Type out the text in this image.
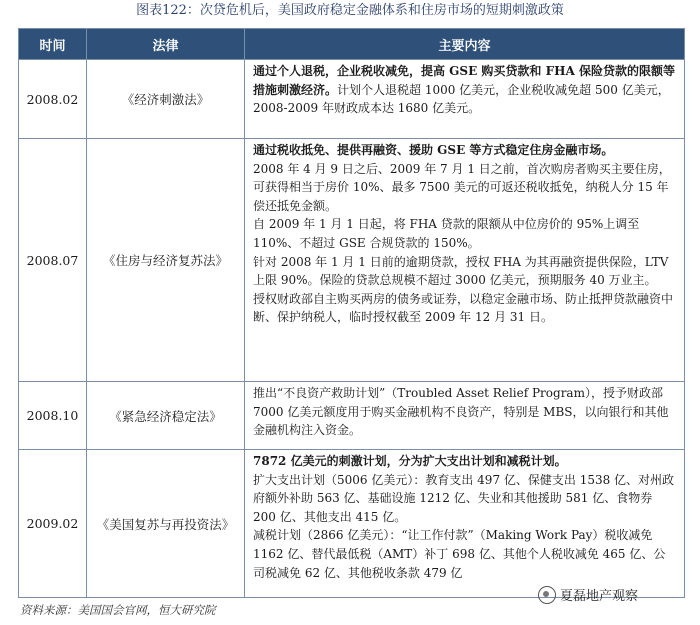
图表122：次贷危机后，美国政府稳定金融体系和住房市场的短期刺激政策
时间	法律	主要内容
2008.02	《经济刺激法》	通过个人退税，企业税收减免，提高 GSE 购买贷款和 FHA 保险贷款的限额等措施刺激经济。计划个人退税超 1000 亿美元，企业税收减免超 500 亿美元，2008-2009 年财政成本达 1680 亿美元。

2008.07	《住房与经济复苏法》	通过税收抵免、提供再融资、援助 GSE 等方式稳定住房金融市场。
2008 年 4 月 9 日之后、2009 年 7 月 1 日之前，首次购房者购买主要住房，可获得相当于房价 10%、最多 7500 美元的可返还税收抵免，纳税人分 15 年偿还抵免金额。
自 2009 年 1 月 1 日起，将 FHA 贷款的限额从中位房价的 95%上调至 110%、不超过 GSE 合规贷款的 150%。
针对 2008 年 1 月 1 日前的逾期贷款，授权 FHA 为其再融资提供保险，LTV 上限 90%。保险的贷款总规模不超过 3000 亿美元，预期服务 40 万业主。
授权财政部自主购买两房的债务或证券，以稳定金融市场、防止抵押贷款融资中断、保护纳税人，临时授权截至 2009 年 12 月 31 日。

2008.10	《紧急经济稳定法》	推出“不良资产救助计划”（Troubled Asset Relief Program），授予财政部 7000 亿美元额度用于购买金融机构不良资产，特别是 MBS，以向银行和其他金融机构注入资金。

2009.02	《美国复苏与再投资法》	7872 亿美元的刺激计划，分为扩大支出计划和减税计划。
扩大支出计划（5006 亿美元）：教育支出 497 亿、保健支出 1538 亿、对州政府额外补助 563 亿、基础设施 1212 亿、失业和其他援助 581 亿、食物券 200 亿、其他支出 415 亿。
减税计划（2866 亿美元）：“让工作付款”（Making Work Pay）税收减免 1162 亿、替代最低税（AMT）补丁 698 亿、其他个人税收减免 465 亿、公司税减免 62 亿、其他税收条款 479 亿
资料来源：美国国会官网，恒大研究院
夏磊地产观察
